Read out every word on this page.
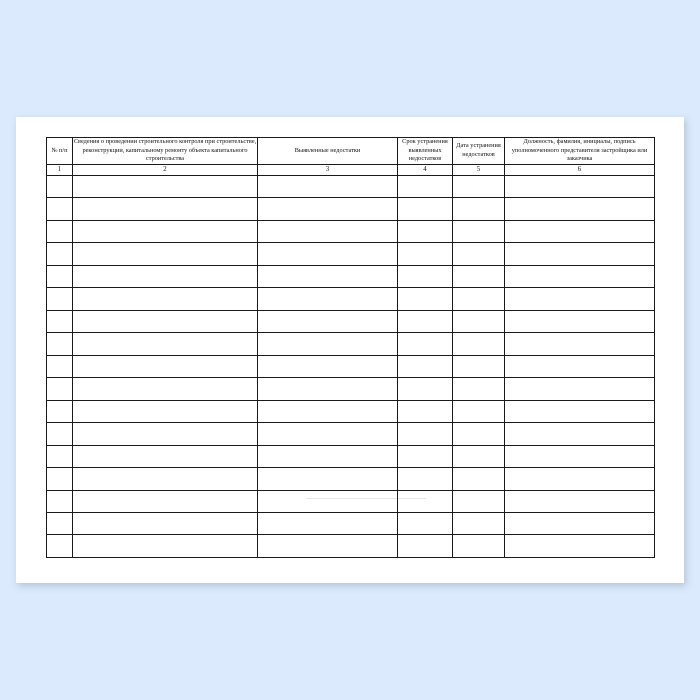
№ п/п	Сведения о проведении строительного контроля при строительстве, реконструкции, капитальному ремонту объекта капитального строительства	Выявленные недостатки	Срок устранения выявленных недостатков	Дата устранения недостатков	Должность, фамилия, инициалы, подпись уполномоченного представителя застройщика или заказчика
1	2	3	4	5	6
